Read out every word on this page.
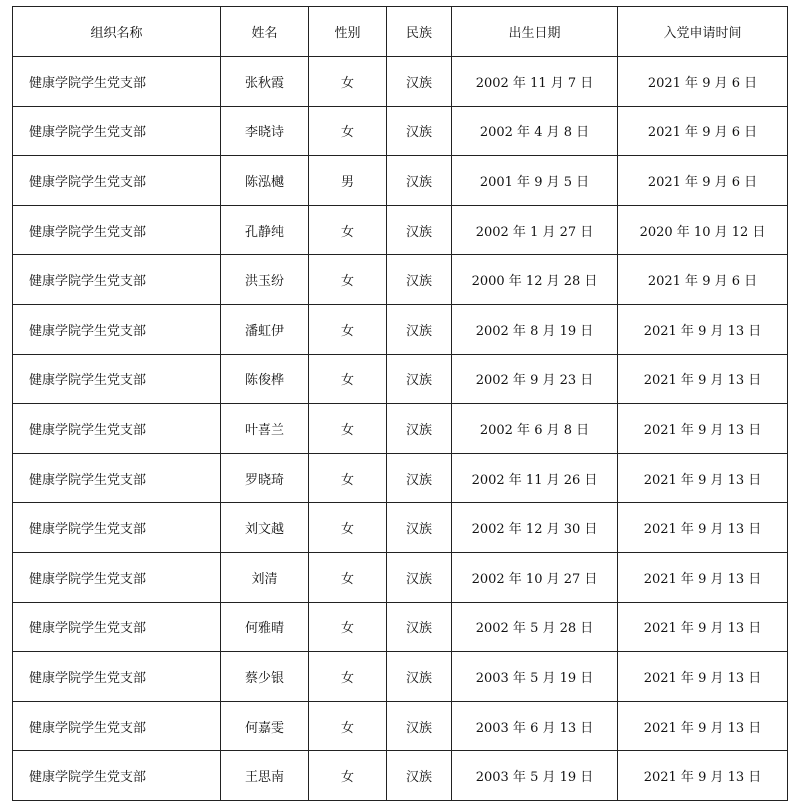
组织名称	姓名	性别	民族	出生日期	入党申请时间
健康学院学生党支部	张秋霞	女	汉族	2002 年 11 月 7 日	2021 年 9 月 6 日
健康学院学生党支部	李晓诗	女	汉族	2002 年 4 月 8 日	2021 年 9 月 6 日
健康学院学生党支部	陈泓樾	男	汉族	2001 年 9 月 5 日	2021 年 9 月 6 日
健康学院学生党支部	孔静纯	女	汉族	2002 年 1 月 27 日	2020 年 10 月 12 日
健康学院学生党支部	洪玉纷	女	汉族	2000 年 12 月 28 日	2021 年 9 月 6 日
健康学院学生党支部	潘虹伊	女	汉族	2002 年 8 月 19 日	2021 年 9 月 13 日
健康学院学生党支部	陈俊桦	女	汉族	2002 年 9 月 23 日	2021 年 9 月 13 日
健康学院学生党支部	叶喜兰	女	汉族	2002 年 6 月 8 日	2021 年 9 月 13 日
健康学院学生党支部	罗晓琦	女	汉族	2002 年 11 月 26 日	2021 年 9 月 13 日
健康学院学生党支部	刘文越	女	汉族	2002 年 12 月 30 日	2021 年 9 月 13 日
健康学院学生党支部	刘清	女	汉族	2002 年 10 月 27 日	2021 年 9 月 13 日
健康学院学生党支部	何雅晴	女	汉族	2002 年 5 月 28 日	2021 年 9 月 13 日
健康学院学生党支部	蔡少银	女	汉族	2003 年 5 月 19 日	2021 年 9 月 13 日
健康学院学生党支部	何嘉雯	女	汉族	2003 年 6 月 13 日	2021 年 9 月 13 日
健康学院学生党支部	王思南	女	汉族	2003 年 5 月 19 日	2021 年 9 月 13 日
